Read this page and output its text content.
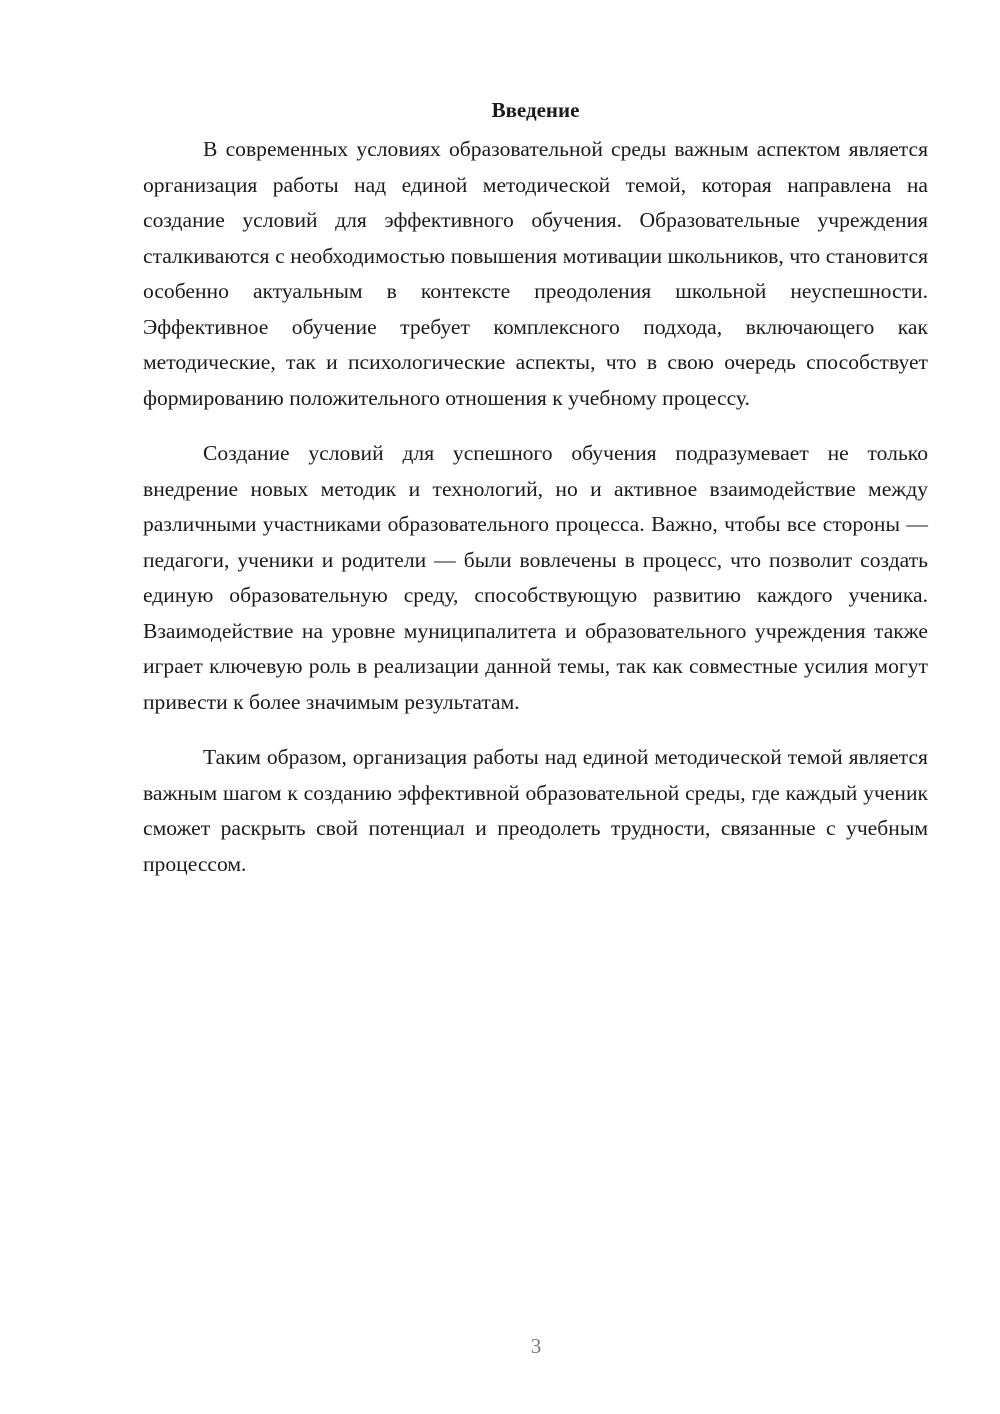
Введение

В современных условиях образовательной среды важным аспектом является организация работы над единой методической темой, которая направлена на создание условий для эффективного обучения. Образовательные учреждения сталкиваются с необходимостью повышения мотивации школьников, что становится особенно актуальным в контексте преодоления школьной неуспешности. Эффективное обучение требует комплексного подхода, включающего как методические, так и психологические аспекты, что в свою очередь способствует формированию положительного отношения к учебному процессу.

Создание условий для успешного обучения подразумевает не только внедрение новых методик и технологий, но и активное взаимодействие между различными участниками образовательного процесса. Важно, чтобы все стороны — педагоги, ученики и родители — были вовлечены в процесс, что позволит создать единую образовательную среду, способствующую развитию каждого ученика. Взаимодействие на уровне муниципалитета и образовательного учреждения также играет ключевую роль в реализации данной темы, так как совместные усилия могут привести к более значимым результатам.

Таким образом, организация работы над единой методической темой является важным шагом к созданию эффективной образовательной среды, где каждый ученик сможет раскрыть свой потенциал и преодолеть трудности, связанные с учебным процессом.

3
